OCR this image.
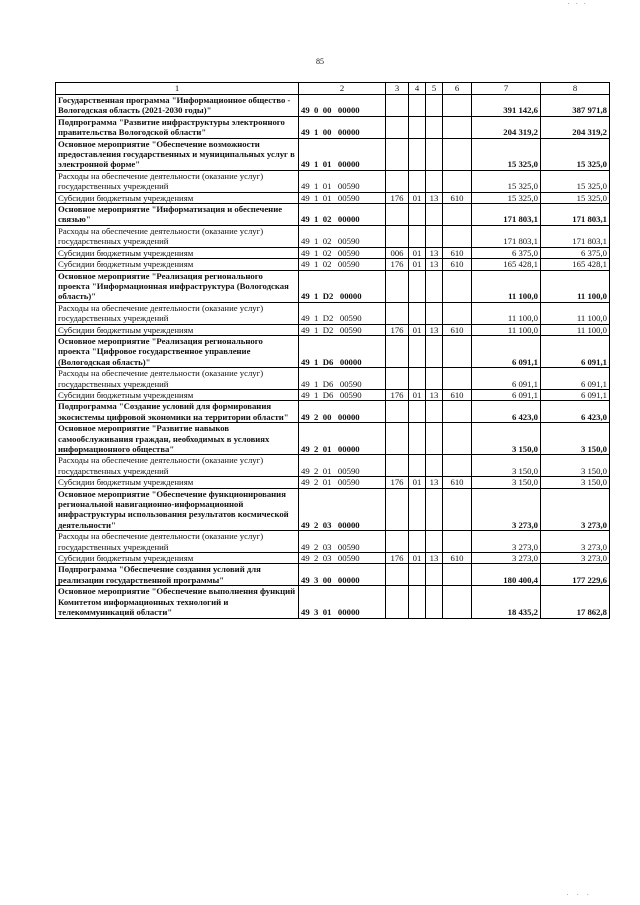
· · ·
85
1	2	3	4	5	6	7	8
Государственная программа "Информационное общество - Вологодская область (2021-2030 годы)"	49  0  00   00000					391 142,6	387 971,8
Подпрограмма "Развитие инфраструктуры электронного правительства Вологодской области"	49  1  00   00000					204 319,2	204 319,2
Основное мероприятие "Обеспечение возможности предоставления государственных и муниципальных услуг в электронной форме"	49  1  01   00000					15 325,0	15 325,0
Расходы на обеспечение деятельности (оказание услуг) государственных учреждений	49  1  01   00590					15 325,0	15 325,0
Субсидии бюджетным учреждениям	49  1  01   00590	176	01	13	610	15 325,0	15 325,0
Основное мероприятие "Информатизация и обеспечение связью"	49  1  02   00000					171 803,1	171 803,1
Расходы на обеспечение деятельности (оказание услуг) государственных учреждений	49  1  02   00590					171 803,1	171 803,1
Субсидии бюджетным учреждениям	49  1  02   00590	006	01	13	610	6 375,0	6 375,0
Субсидии бюджетным учреждениям	49  1  02   00590	176	01	13	610	165 428,1	165 428,1
Основное мероприятие "Реализация регионального проекта "Информационная инфраструктура (Вологодская область)"	49  1  D2   00000					11 100,0	11 100,0
Расходы на обеспечение деятельности (оказание услуг) государственных учреждений	49  1  D2   00590					11 100,0	11 100,0
Субсидии бюджетным учреждениям	49  1  D2   00590	176	01	13	610	11 100,0	11 100,0
Основное мероприятие "Реализация регионального проекта "Цифровое государственное управление (Вологодская область)"	49  1  D6   00000					6 091,1	6 091,1
Расходы на обеспечение деятельности (оказание услуг) государственных учреждений	49  1  D6   00590					6 091,1	6 091,1
Субсидии бюджетным учреждениям	49  1  D6   00590	176	01	13	610	6 091,1	6 091,1
Подпрограмма "Создание условий для формирования экосистемы цифровой экономики на территории области"	49  2  00   00000					6 423,0	6 423,0
Основное мероприятие "Развитие навыков самообслуживания граждан, необходимых в условиях информационного общества"	49  2  01   00000					3 150,0	3 150,0
Расходы на обеспечение деятельности (оказание услуг) государственных учреждений	49  2  01   00590					3 150,0	3 150,0
Субсидии бюджетным учреждениям	49  2  01   00590	176	01	13	610	3 150,0	3 150,0
Основное мероприятие "Обеспечение функционирования региональной навигационно-информационной инфраструктуры использования результатов космической деятельности"	49  2  03   00000					3 273,0	3 273,0
Расходы на обеспечение деятельности (оказание услуг) государственных учреждений	49  2  03   00590					3 273,0	3 273,0
Субсидии бюджетным учреждениям	49  2  03   00590	176	01	13	610	3 273,0	3 273,0
Подпрограмма "Обеспечение создания условий для реализации государственной программы"	49  3  00   00000					180 400,4	177 229,6
Основное мероприятие "Обеспечение выполнения функций Комитетом информационных технологий и телекоммуникаций области"	49  3  01   00000					18 435,2	17 862,8
· · ·
